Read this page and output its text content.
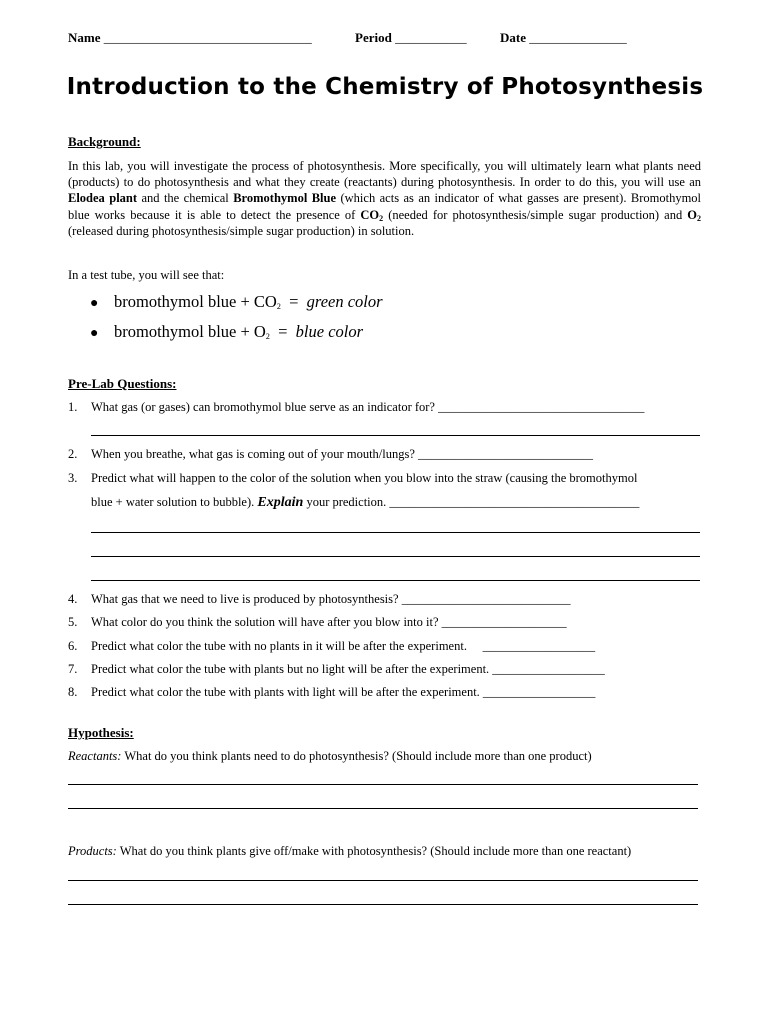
Name ________________________________	Period ___________	Date _______________
Introduction to the Chemistry of Photosynthesis
Background:
In this lab, you will investigate the process of photosynthesis. More specifically, you will ultimately learn what plants need (products) to do photosynthesis and what they create (reactants) during photosynthesis. In order to do this, you will use an Elodea plant and the chemical Bromothymol Blue (which acts as an indicator of what gasses are present). Bromothymol blue works because it is able to detect the presence of $CO_2$ (needed for photosynthesis/simple sugar production) and $O_2$ (released during photosynthesis/simple sugar production) in solution.
In a test tube, you will see that:
● bromothymol blue + $CO_2$  =  green color
● bromothymol blue + $O_2$  =  blue color
Pre-Lab Questions:
1. What gas (or gases) can bromothymol blue serve as an indicator for? _________________________________
2. When you breathe, what gas is coming out of your mouth/lungs? ____________________________
3. Predict what will happen to the color of the solution when you blow into the straw (causing the bromothymol
blue + water solution to bubble). Explain your prediction. ________________________________________
4. What gas that we need to live is produced by photosynthesis? ___________________________
5. What color do you think the solution will have after you blow into it? ____________________
6. Predict what color the tube with no plants in it will be after the experiment.     __________________
7. Predict what color the tube with plants but no light will be after the experiment. __________________
8. Predict what color the tube with plants with light will be after the experiment. __________________
Hypothesis:
Reactants: What do you think plants need to do photosynthesis? (Should include more than one product)
Products: What do you think plants give off/make with photosynthesis? (Should include more than one reactant)
